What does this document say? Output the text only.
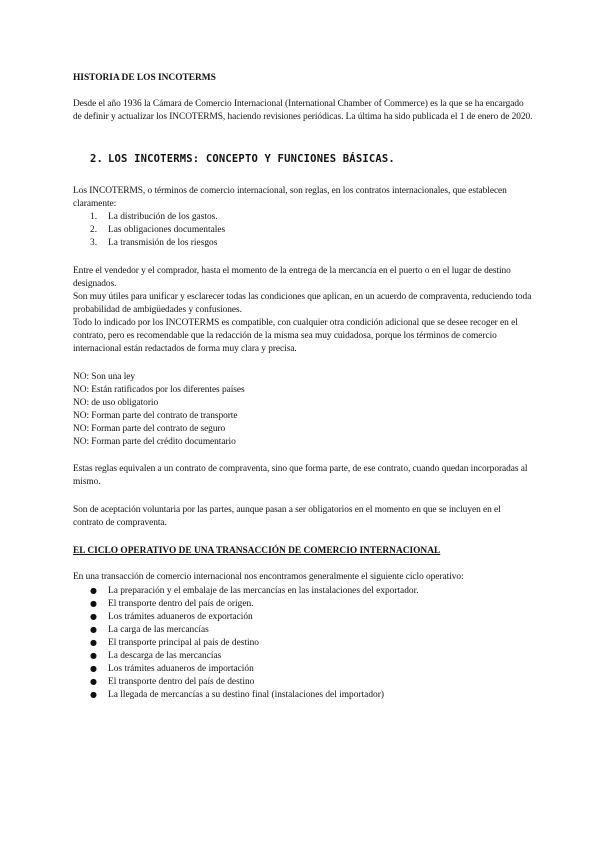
HISTORIA DE LOS INCOTERMS

Desde el año 1936 la Cámara de Comercio Internacional (International Chamber of Commerce) es la que se ha encargado de definir y actualizar los INCOTERMS, haciendo revisiones periódicas. La última ha sido publicada el 1 de enero de 2020.

2. LOS INCOTERMS: CONCEPTO Y FUNCIONES BÁSICAS.

Los INCOTERMS, o términos de comercio internacional, son reglas, en los contratos internacionales, que establecen claramente:

1. La distribución de los gastos.
2. Las obligaciones documentales
3. La transmisión de los riesgos

Entre el vendedor y el comprador, hasta el momento de la entrega de la mercancía en el puerto o en el lugar de destino designados.

Son muy útiles para unificar y esclarecer todas las condiciones que aplican, en un acuerdo de compraventa, reduciendo toda probabilidad de ambigüedades y confusiones.

Todo lo indicado por los INCOTERMS es compatible, con cualquier otra condición adicional que se desee recoger en el contrato, pero es recomendable que la redacción de la misma sea muy cuidadosa, porque los términos de comercio internacional están redactados de forma muy clara y precisa.

NO: Son una ley
NO: Están ratificados por los diferentes países
NO: de uso obligatorio
NO: Forman parte del contrato de transporte
NO: Forman parte del contrato de seguro
NO: Forman parte del crédito documentario

Estas reglas equivalen a un contrato de compraventa, sino que forma parte, de ese contrato, cuando quedan incorporadas al mismo.

Son de aceptación voluntaria por las partes, aunque pasan a ser obligatorios en el momento en que se incluyen en el contrato de compraventa.

EL CICLO OPERATIVO DE UNA TRANSACCIÓN DE COMERCIO INTERNACIONAL

En una transacción de comercio internacional nos encontramos generalmente el siguiente ciclo operativo:

● La preparación y el embalaje de las mercancías en las instalaciones del exportador.
● El transporte dentro del país de origen.
● Los trámites aduaneros de exportación
● La carga de las mercancías
● El transporte principal al país de destino
● La descarga de las mercancías
● Los trámites aduaneros de importación
● El transporte dentro del país de destino
● La llegada de mercancías a su destino final (instalaciones del importador)
